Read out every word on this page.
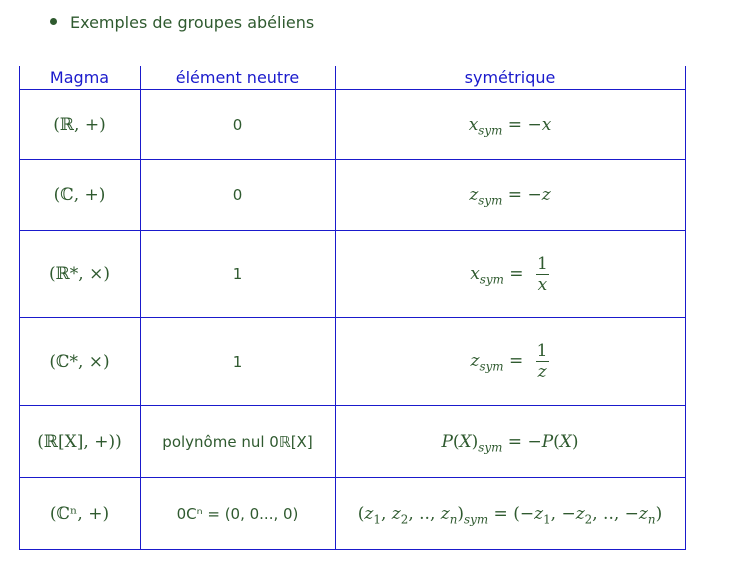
Exemples de groupes abéliens
Magma	élément neutre	symétrique
(ℝ, +)	0	$x_{sym} = -x$
(ℂ, +)	0	$z_{sym} = -z$
(ℝ*, ×)	1	$x_{sym} = \frac{1}{x}$
(ℂ*, ×)	1	$z_{sym} = \frac{1}{z}$
(ℝ[X], +))	polynôme nul 0ℝ[X]	$P(X)_{sym} = -P(X)$
(ℂⁿ, +)	0Cⁿ = (0, 0..., 0)	($z_1$, $z_2$, .., $z_n)_{sym} = (-z_1$, $-z_2$, .., $-z_n$)
